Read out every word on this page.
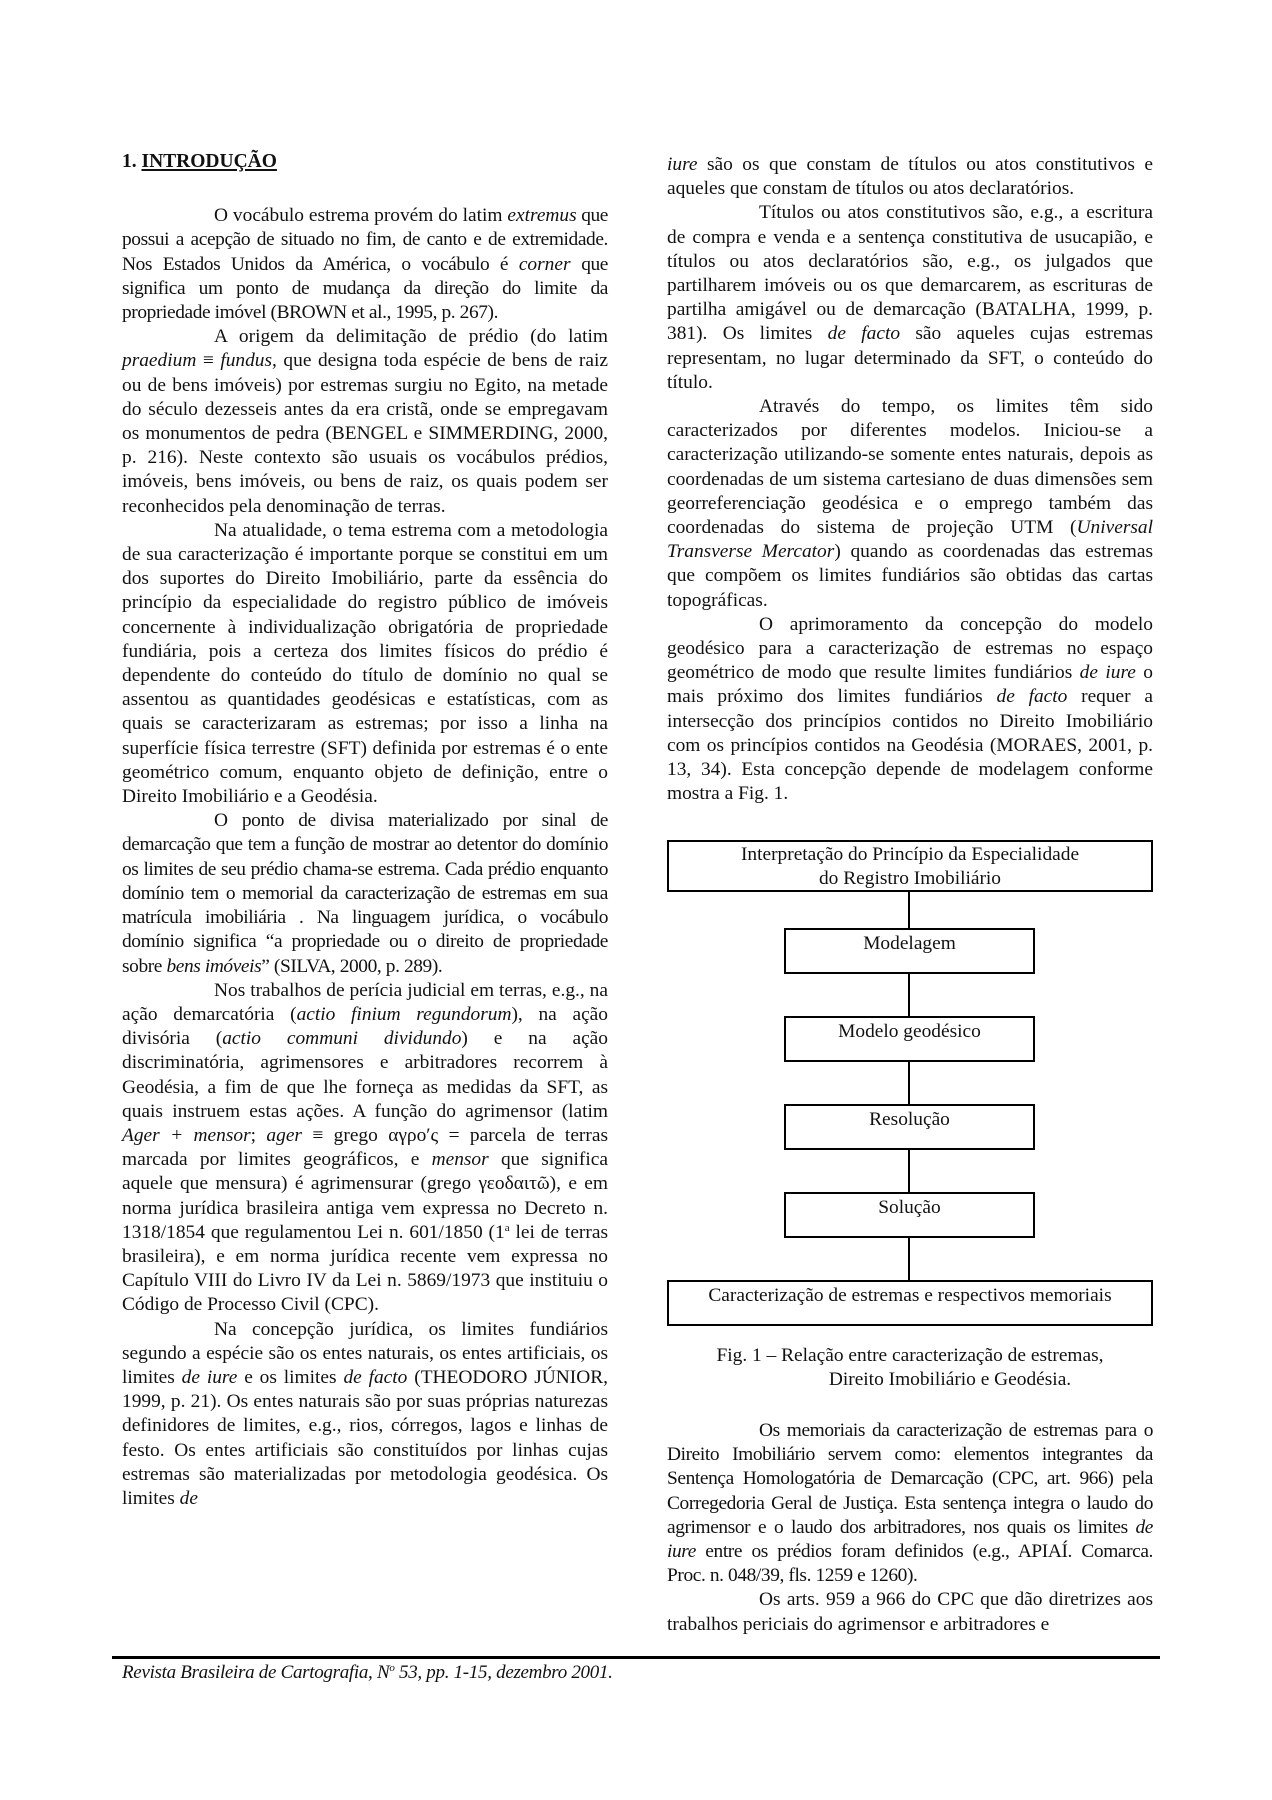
1. INTRODUÇÃO

O vocábulo estrema provém do latim extremus que possui a acepção de situado no fim, de canto e de extremidade. Nos Estados Unidos da América, o vocábulo é corner que significa um ponto de mudança da direção do limite da propriedade imóvel (BROWN et al., 1995, p. 267).

A origem da delimitação de prédio (do latim praedium ≡ fundus, que designa toda espécie de bens de raiz ou de bens imóveis) por estremas surgiu no Egito, na metade do século dezesseis antes da era cristã, onde se empregavam os monumentos de pedra (BENGEL e SIMMERDING, 2000, p. 216). Neste contexto são usuais os vocábulos prédios, imóveis, bens imóveis, ou bens de raiz, os quais podem ser reconhecidos pela denominação de terras.

Na atualidade, o tema estrema com a metodologia de sua caracterização é importante porque se constitui em um dos suportes do Direito Imobiliário, parte da essência do princípio da especialidade do registro público de imóveis concernente à individualização obrigatória de propriedade fundiária, pois a certeza dos limites físicos do prédio é dependente do conteúdo do título de domínio no qual se assentou as quantidades geodésicas e estatísticas, com as quais se caracterizaram as estremas; por isso a linha na superfície física terrestre (SFT) definida por estremas é o ente geométrico comum, enquanto objeto de definição, entre o Direito Imobiliário e a Geodésia.

O ponto de divisa materializado por sinal de demarcação que tem a função de mostrar ao detentor do domínio os limites de seu prédio chama-se estrema. Cada prédio enquanto domínio tem o memorial da caracterização de estremas em sua matrícula imobiliária . Na linguagem jurídica, o vocábulo domínio significa “a propriedade ou o direito de propriedade sobre bens imóveis” (SILVA, 2000, p. 289).

Nos trabalhos de perícia judicial em terras, e.g., na ação demarcatória (actio finium regundorum), na ação divisória (actio communi dividundo) e na ação discriminatória, agrimensores e arbitradores recorrem à Geodésia, a fim de que lhe forneça as medidas da SFT, as quais instruem estas ações. A função do agrimensor (latim Ager + mensor; ager ≡ grego αγροʹς = parcela de terras marcada por limites geográficos, e mensor que significa aquele que mensura) é agrimensurar (grego γεοδαιτῶ), e em norma jurídica brasileira antiga vem expressa no Decreto n. 1318/1854 que regulamentou Lei n. 601/1850 (1$^a$ lei de terras brasileira), e em norma jurídica recente vem expressa no Capítulo VIII do Livro IV da Lei n. 5869/1973 que instituiu o Código de Processo Civil (CPC).

Na concepção jurídica, os limites fundiários segundo a espécie são os entes naturais, os entes artificiais, os limites de iure e os limites de facto (THEODORO JÚNIOR, 1999, p. 21). Os entes naturais são por suas próprias naturezas definidores de limites, e.g., rios, córregos, lagos e linhas de festo. Os entes artificiais são constituídos por linhas cujas estremas são materializadas por metodologia geodésica. Os limites de

iure são os que constam de títulos ou atos constitutivos e aqueles que constam de títulos ou atos declaratórios.

Títulos ou atos constitutivos são, e.g., a escritura de compra e venda e a sentença constitutiva de usucapião, e títulos ou atos declaratórios são, e.g., os julgados que partilharem imóveis ou os que demarcarem, as escrituras de partilha amigável ou de demarcação (BATALHA, 1999, p. 381). Os limites de facto são aqueles cujas estremas representam, no lugar determinado da SFT, o conteúdo do título.

Através do tempo, os limites têm sido caracterizados por diferentes modelos. Iniciou-se a caracterização utilizando-se somente entes naturais, depois as coordenadas de um sistema cartesiano de duas dimensões sem georreferenciação geodésica e o emprego também das coordenadas do sistema de projeção UTM (Universal Transverse Mercator) quando as coordenadas das estremas que compõem os limites fundiários são obtidas das cartas topográficas.

O aprimoramento da concepção do modelo geodésico para a caracterização de estremas no espaço geométrico de modo que resulte limites fundiários de iure o mais próximo dos limites fundiários de facto requer a intersecção dos princípios contidos no Direito Imobiliário com os princípios contidos na Geodésia (MORAES, 2001, p. 13, 34). Esta concepção depende de modelagem conforme mostra a Fig. 1.

Interpretação do Princípio da Especialidade
do Registro Imobiliário
Modelagem
Modelo geodésico
Resolução
Solução
Caracterização de estremas e respectivos memoriais
Fig. 1 – Relação entre caracterização de estremas,
Direito Imobiliário e Geodésia.

Os memoriais da caracterização de estremas para o Direito Imobiliário servem como: elementos integrantes da Sentença Homologatória de Demarcação (CPC, art. 966) pela Corregedoria Geral de Justiça. Esta sentença integra o laudo do agrimensor e o laudo dos arbitradores, nos quais os limites de iure entre os prédios foram definidos (e.g., APIAÍ. Comarca. Proc. n. 048/39, fls. 1259 e 1260).

Os arts. 959 a 966 do CPC que dão diretrizes aos trabalhos periciais do agrimensor e arbitradores e

Revista Brasileira de Cartografia, $N^o$ 53, pp. 1-15, dezembro 2001.
